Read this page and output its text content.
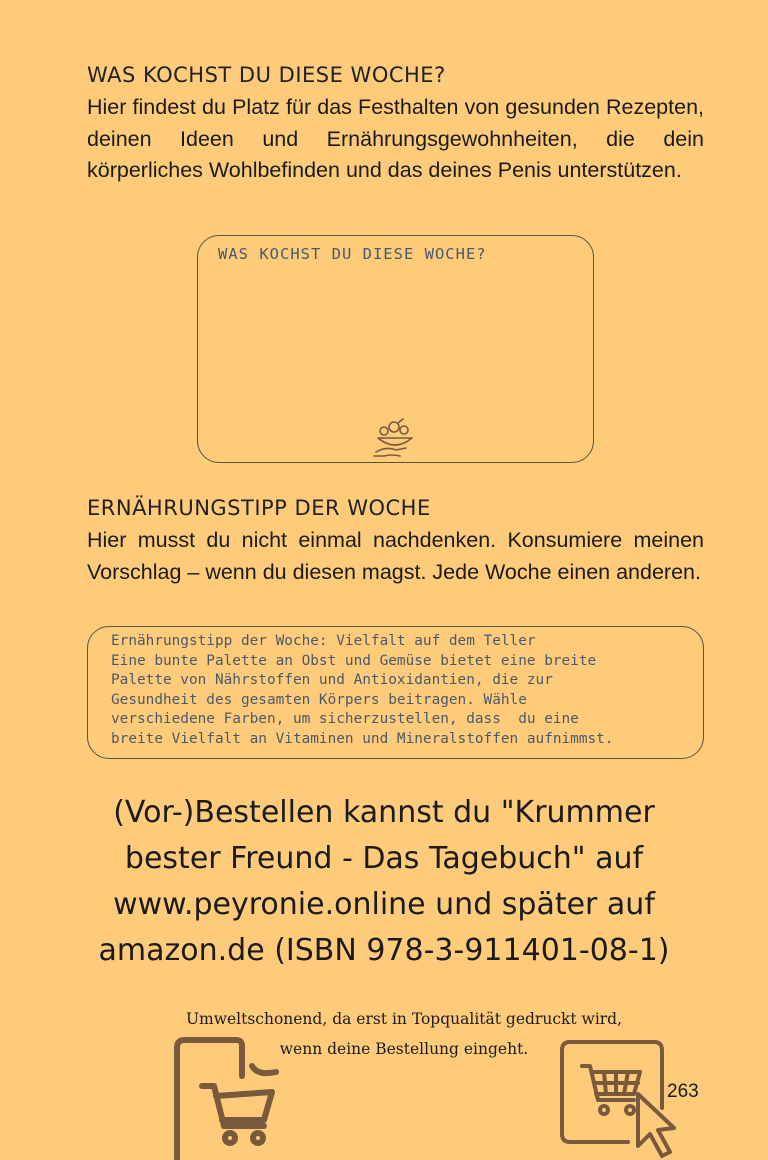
WAS KOCHST DU DIESE WOCHE?
Hier findest du Platz für das Festhalten von gesunden Rezepten, deinen Ideen und Ernährungsgewohnheiten, die dein körperliches Wohlbefinden und das deines Penis unterstützen.
WAS KOCHST DU DIESE WOCHE?
ERNÄHRUNGSTIPP DER WOCHE
Hier musst du nicht einmal nachdenken. Konsumiere meinen Vorschlag – wenn du diesen magst. Jede Woche einen anderen.
Ernährungstipp der Woche: Vielfalt auf dem Teller
Eine bunte Palette an Obst und Gemüse bietet eine breite
Palette von Nährstoffen und Antioxidantien, die zur
Gesundheit des gesamten Körpers beitragen. Wähle
verschiedene Farben, um sicherzustellen, dass  du eine
breite Vielfalt an Vitaminen und Mineralstoffen aufnimmst.
(Vor-)Bestellen kannst du "Krummer
bester Freund - Das Tagebuch" auf
www.peyronie.online und später auf
amazon.de (ISBN 978-3-911401-08-1)
Umweltschonend, da erst in Topqualität gedruckt wird,
wenn deine Bestellung eingeht.
263
